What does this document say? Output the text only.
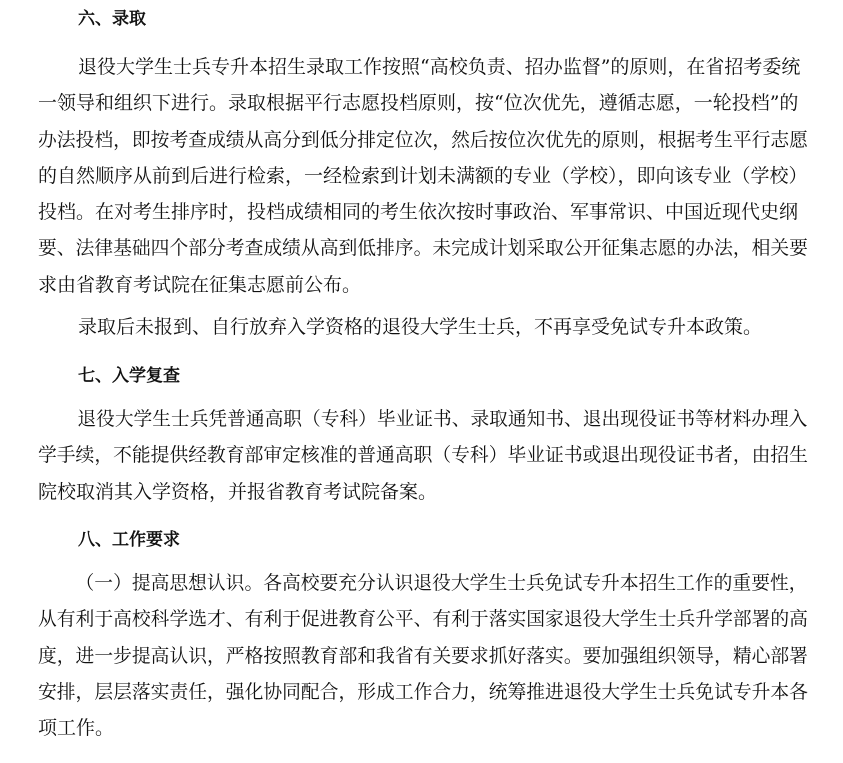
六、录取
退役大学生士兵专升本招生录取工作按照“高校负责、招办监督”的原则，在省招考委统
一领导和组织下进行。录取根据平行志愿投档原则，按“位次优先，遵循志愿，一轮投档”的
办法投档，即按考查成绩从高分到低分排定位次，然后按位次优先的原则，根据考生平行志愿
的自然顺序从前到后进行检索，一经检索到计划未满额的专业（学校），即向该专业（学校）
投档。在对考生排序时，投档成绩相同的考生依次按时事政治、军事常识、中国近现代史纲
要、法律基础四个部分考查成绩从高到低排序。未完成计划采取公开征集志愿的办法，相关要
求由省教育考试院在征集志愿前公布。
录取后未报到、自行放弃入学资格的退役大学生士兵，不再享受免试专升本政策。
七、入学复查
退役大学生士兵凭普通高职（专科）毕业证书、录取通知书、退出现役证书等材料办理入
学手续，不能提供经教育部审定核准的普通高职（专科）毕业证书或退出现役证书者，由招生
院校取消其入学资格，并报省教育考试院备案。
八、工作要求
（一）提高思想认识。各高校要充分认识退役大学生士兵免试专升本招生工作的重要性，
从有利于高校科学选才、有利于促进教育公平、有利于落实国家退役大学生士兵升学部署的高
度，进一步提高认识，严格按照教育部和我省有关要求抓好落实。要加强组织领导，精心部署
安排，层层落实责任，强化协同配合，形成工作合力，统筹推进退役大学生士兵免试专升本各
项工作。
